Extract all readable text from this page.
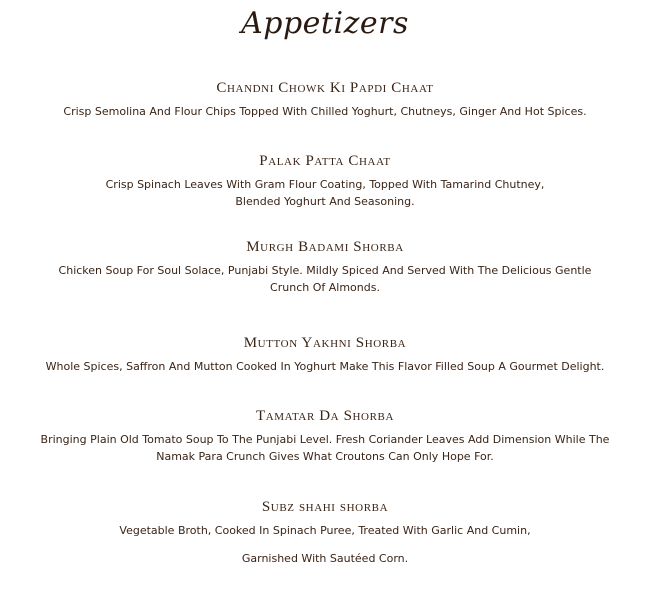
Appetizers
Chandni Chowk Ki Papdi Chaat
Crisp Semolina And Flour Chips Topped With Chilled Yoghurt, Chutneys, Ginger And Hot Spices.
Palak Patta Chaat
Crisp Spinach Leaves With Gram Flour Coating, Topped With Tamarind Chutney,
Blended Yoghurt And Seasoning.
Murgh Badami Shorba
Chicken Soup For Soul Solace, Punjabi Style. Mildly Spiced And Served With The Delicious Gentle
Crunch Of Almonds.
Mutton Yakhni Shorba
Whole Spices, Saffron And Mutton Cooked In Yoghurt Make This Flavor Filled Soup A Gourmet Delight.
Tamatar Da Shorba
Bringing Plain Old Tomato Soup To The Punjabi Level. Fresh Coriander Leaves Add Dimension While The
Namak Para Crunch Gives What Croutons Can Only Hope For.
Subz shahi shorba
Vegetable Broth, Cooked In Spinach Puree, Treated With Garlic And Cumin,
Garnished With Sautéed Corn.
